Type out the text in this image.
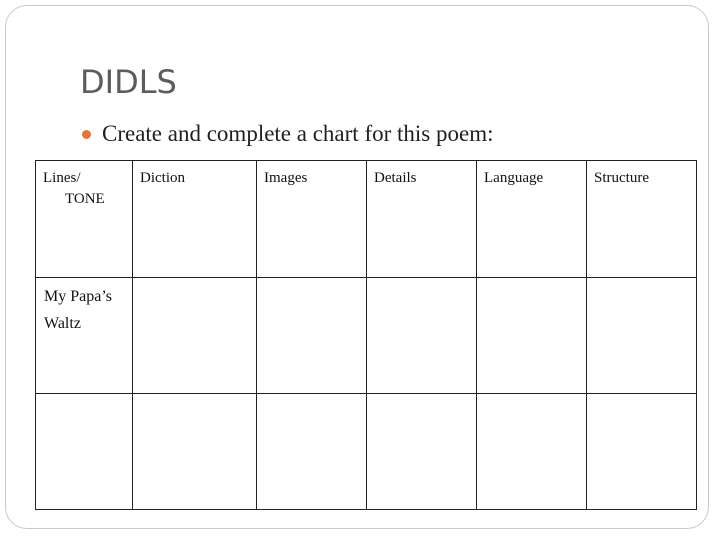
DIDLS
Create and complete a chart for this poem:
Lines/
TONE	Diction	Images	Details	Language	Structure
My Papa’s Waltz					
